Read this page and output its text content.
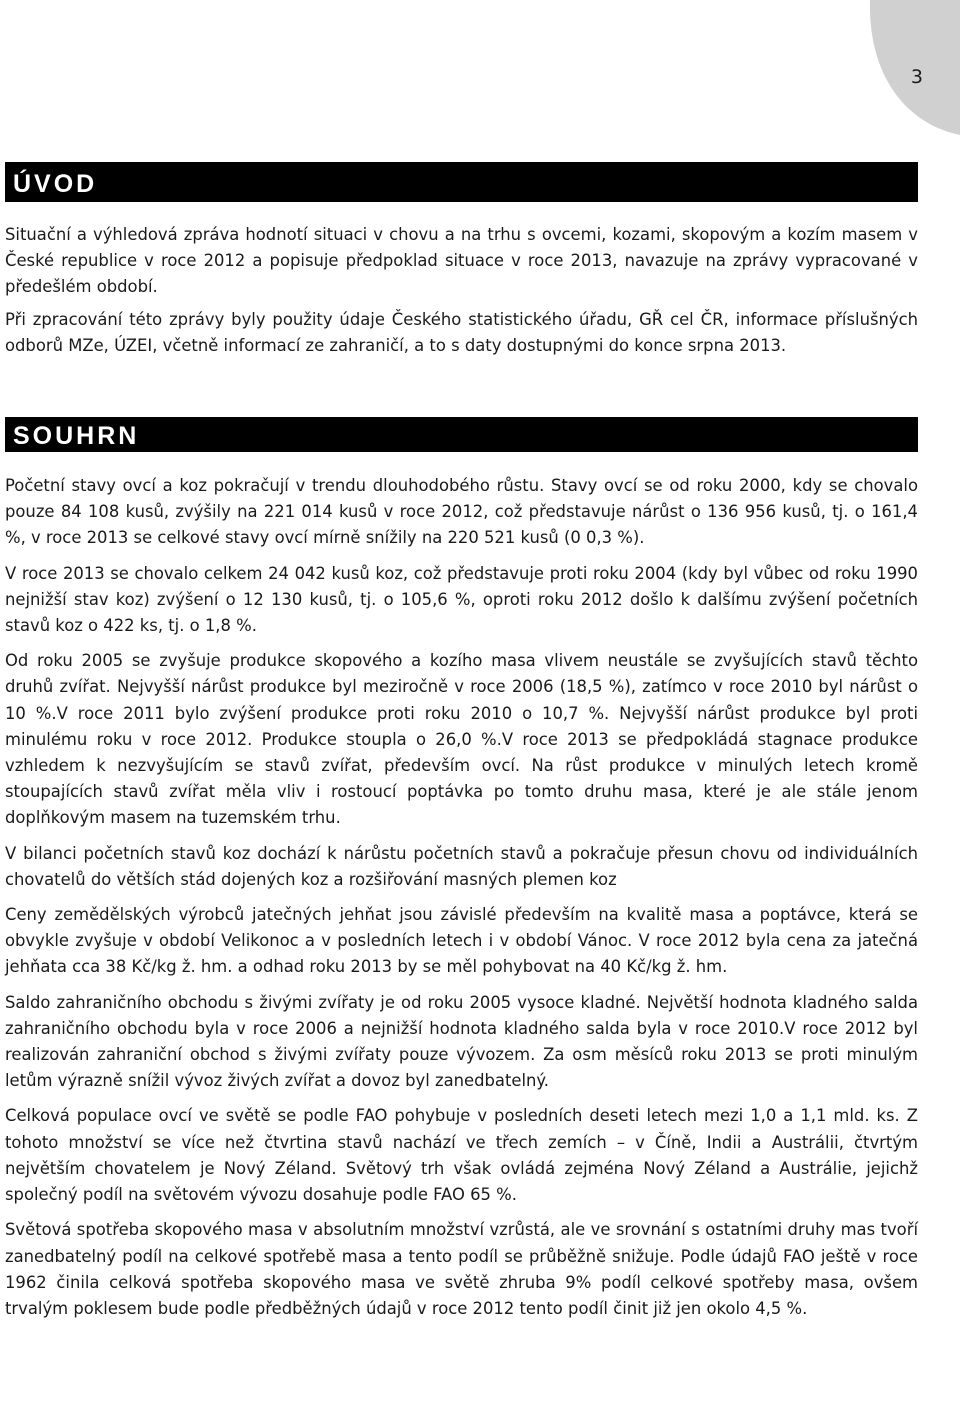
3
ÚVOD

Situační a výhledová zpráva hodnotí situaci v chovu a na trhu s ovcemi, kozami, skopovým a kozím masem v České republice v roce 2012 a popisuje předpoklad situace v roce 2013, navazuje na zprávy vypracované v předešlém období.

Při zpracování této zprávy byly použity údaje Českého statistického úřadu, GŘ cel ČR, informace příslušných odborů MZe, ÚZEI, včetně informací ze zahraničí, a to s daty dostupnými do konce srpna 2013.

SOUHRN

Početní stavy ovcí a koz pokračují v trendu dlouhodobého růstu. Stavy ovcí se od roku 2000, kdy se chovalo pouze 84 108 kusů, zvýšily na 221 014 kusů v roce 2012, což představuje nárůst o 136 956 kusů, tj. o 161,4 %, v roce 2013 se celkové stavy ovcí mírně snížily na 220 521 kusů (0 0,3 %).

V roce 2013 se chovalo celkem 24 042 kusů koz, což představuje proti roku 2004 (kdy byl vůbec od roku 1990 nejnižší stav koz) zvýšení o 12 130 kusů, tj. o 105,6 %, oproti roku 2012 došlo k dalšímu zvýšení početních stavů koz o 422 ks, tj. o 1,8 %.

Od roku 2005 se zvyšuje produkce skopového a kozího masa vlivem neustále se zvyšujících stavů těchto druhů zvířat. Nejvyšší nárůst produkce byl meziročně v roce 2006 (18,5 %), zatímco v roce 2010 byl nárůst o 10 %.V roce 2011 bylo zvýšení produkce proti roku 2010 o 10,7 %. Nejvyšší nárůst produkce byl proti minulému roku v roce 2012. Produkce stoupla o 26,0 %.V roce 2013 se předpokládá stagnace produkce vzhledem k nezvyšujícím se stavů zvířat, především ovcí. Na růst produkce v minulých letech kromě stoupajících stavů zvířat měla vliv i rostoucí poptávka po tomto druhu masa, které je ale stále jenom doplňkovým masem na tuzemském trhu.

V bilanci početních stavů koz dochází k nárůstu početních stavů a pokračuje přesun chovu od individuálních chovatelů do větších stád dojených koz a rozšiřování masných plemen koz

Ceny zemědělských výrobců jatečných jehňat jsou závislé především na kvalitě masa a poptávce, která se obvykle zvyšuje v období Velikonoc a v posledních letech i v období Vánoc. V roce 2012 byla cena za jatečná jehňata cca 38 Kč/kg ž. hm. a odhad roku 2013 by se měl pohybovat na 40 Kč/kg ž. hm.

Saldo zahraničního obchodu s živými zvířaty je od roku 2005 vysoce kladné. Největší hodnota kladného salda zahraničního obchodu byla v roce 2006 a nejnižší hodnota kladného salda byla v roce 2010.V roce 2012 byl realizován zahraniční obchod s živými zvířaty pouze vývozem. Za osm měsíců roku 2013 se proti minulým letům výrazně snížil vývoz živých zvířat a dovoz byl zanedbatelný.

Celková populace ovcí ve světě se podle FAO pohybuje v posledních deseti letech mezi 1,0 a 1,1 mld. ks. Z tohoto množství se více než čtvrtina stavů nachází ve třech zemích – v Číně, Indii a Austrálii, čtvrtým největším chovatelem je Nový Zéland. Světový trh však ovládá zejména Nový Zéland a Austrálie, jejichž společný podíl na světovém vývozu dosahuje podle FAO 65 %.

Světová spotřeba skopového masa v absolutním množství vzrůstá, ale ve srovnání s ostatními druhy mas tvoří zanedbatelný podíl na celkové spotřebě masa a tento podíl se průběžně snižuje. Podle údajů FAO ještě v roce 1962 činila celková spotřeba skopového masa ve světě zhruba 9% podíl celkové spotřeby masa, ovšem trvalým poklesem bude podle předběžných údajů v roce 2012 tento podíl činit již jen okolo 4,5 %.
